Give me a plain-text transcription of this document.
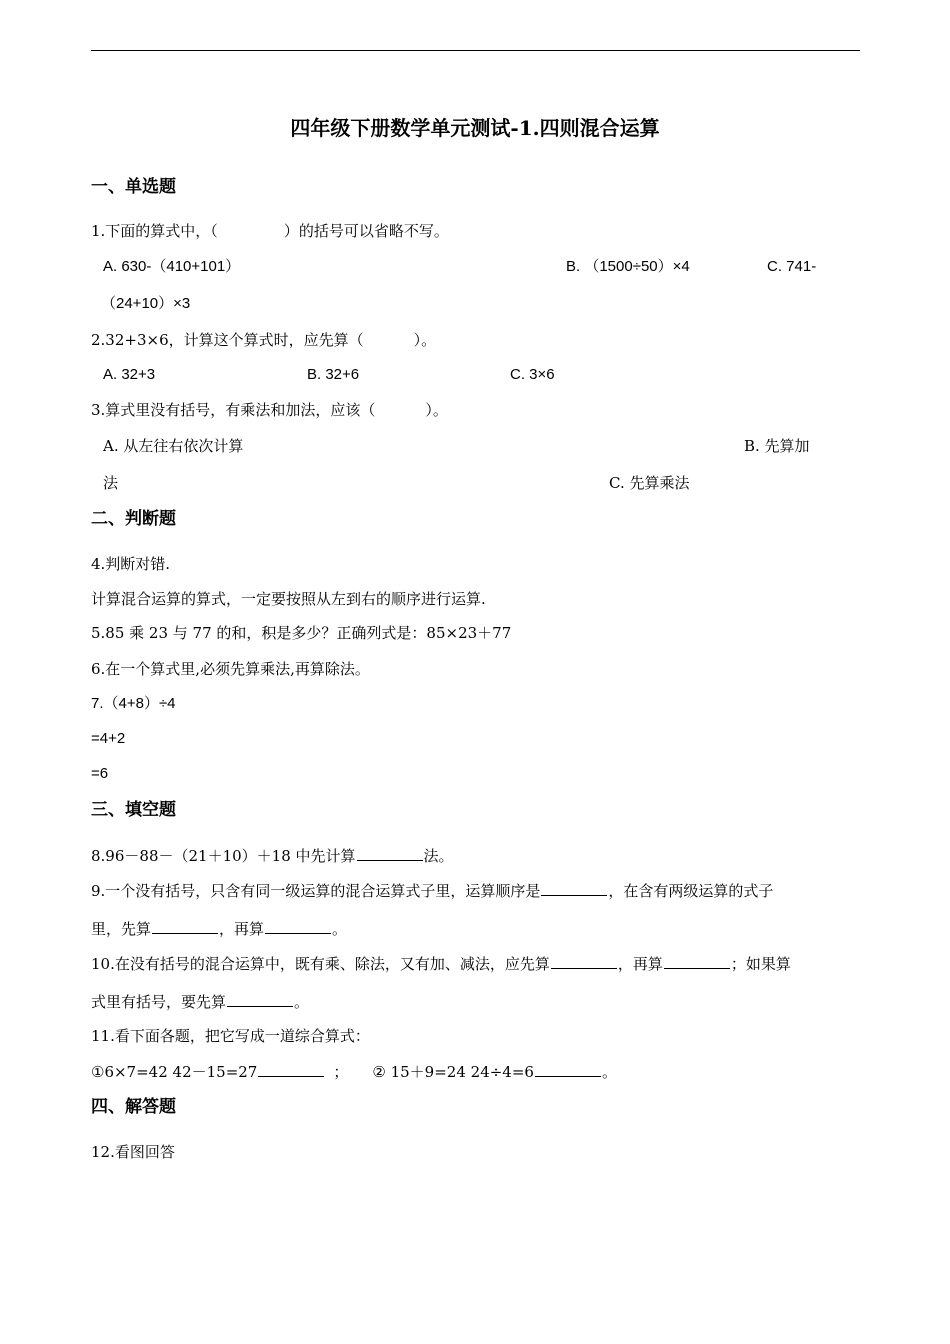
四年级下册数学单元测试-1.四则混合运算
一、单选题
1.下面的算式中，（	）的括号可以省略不写。
A. 630-（410+101）	B. （1500÷50）×4	C. 741-
（24+10）×3
2.32+3×6，计算这个算式时，应先算（	）。
A. 32+3	B. 32+6	C. 3×6
3.算式里没有括号，有乘法和加法，应该（	）。
A. 从左往右依次计算	B. 先算加
法	C. 先算乘法
二、判断题
4.判断对错.
计算混合运算的算式，一定要按照从左到右的顺序进行运算.
5.85 乘 23 与 77 的和，积是多少？正确列式是：85×23＋77
6.在一个算式里,必须先算乘法,再算除法。
7.（4+8）÷4
=4+2
=6
三、填空题
8.96－88－（21＋10）＋18 中先计算	法。
9.一个没有括号，只含有同一级运算的混合运算式子里，运算顺序是	，在含有两级运算的式子
里，先算	，再算	。
10.在没有括号的混合运算中，既有乘、除法，又有加、减法，应先算	，再算	；如果算
式里有括号，要先算	。
11.看下面各题，把它写成一道综合算式：
①6×7=42 42－15=27	； ② 15＋9=24 24÷4=6	。
四、解答题
12.看图回答
